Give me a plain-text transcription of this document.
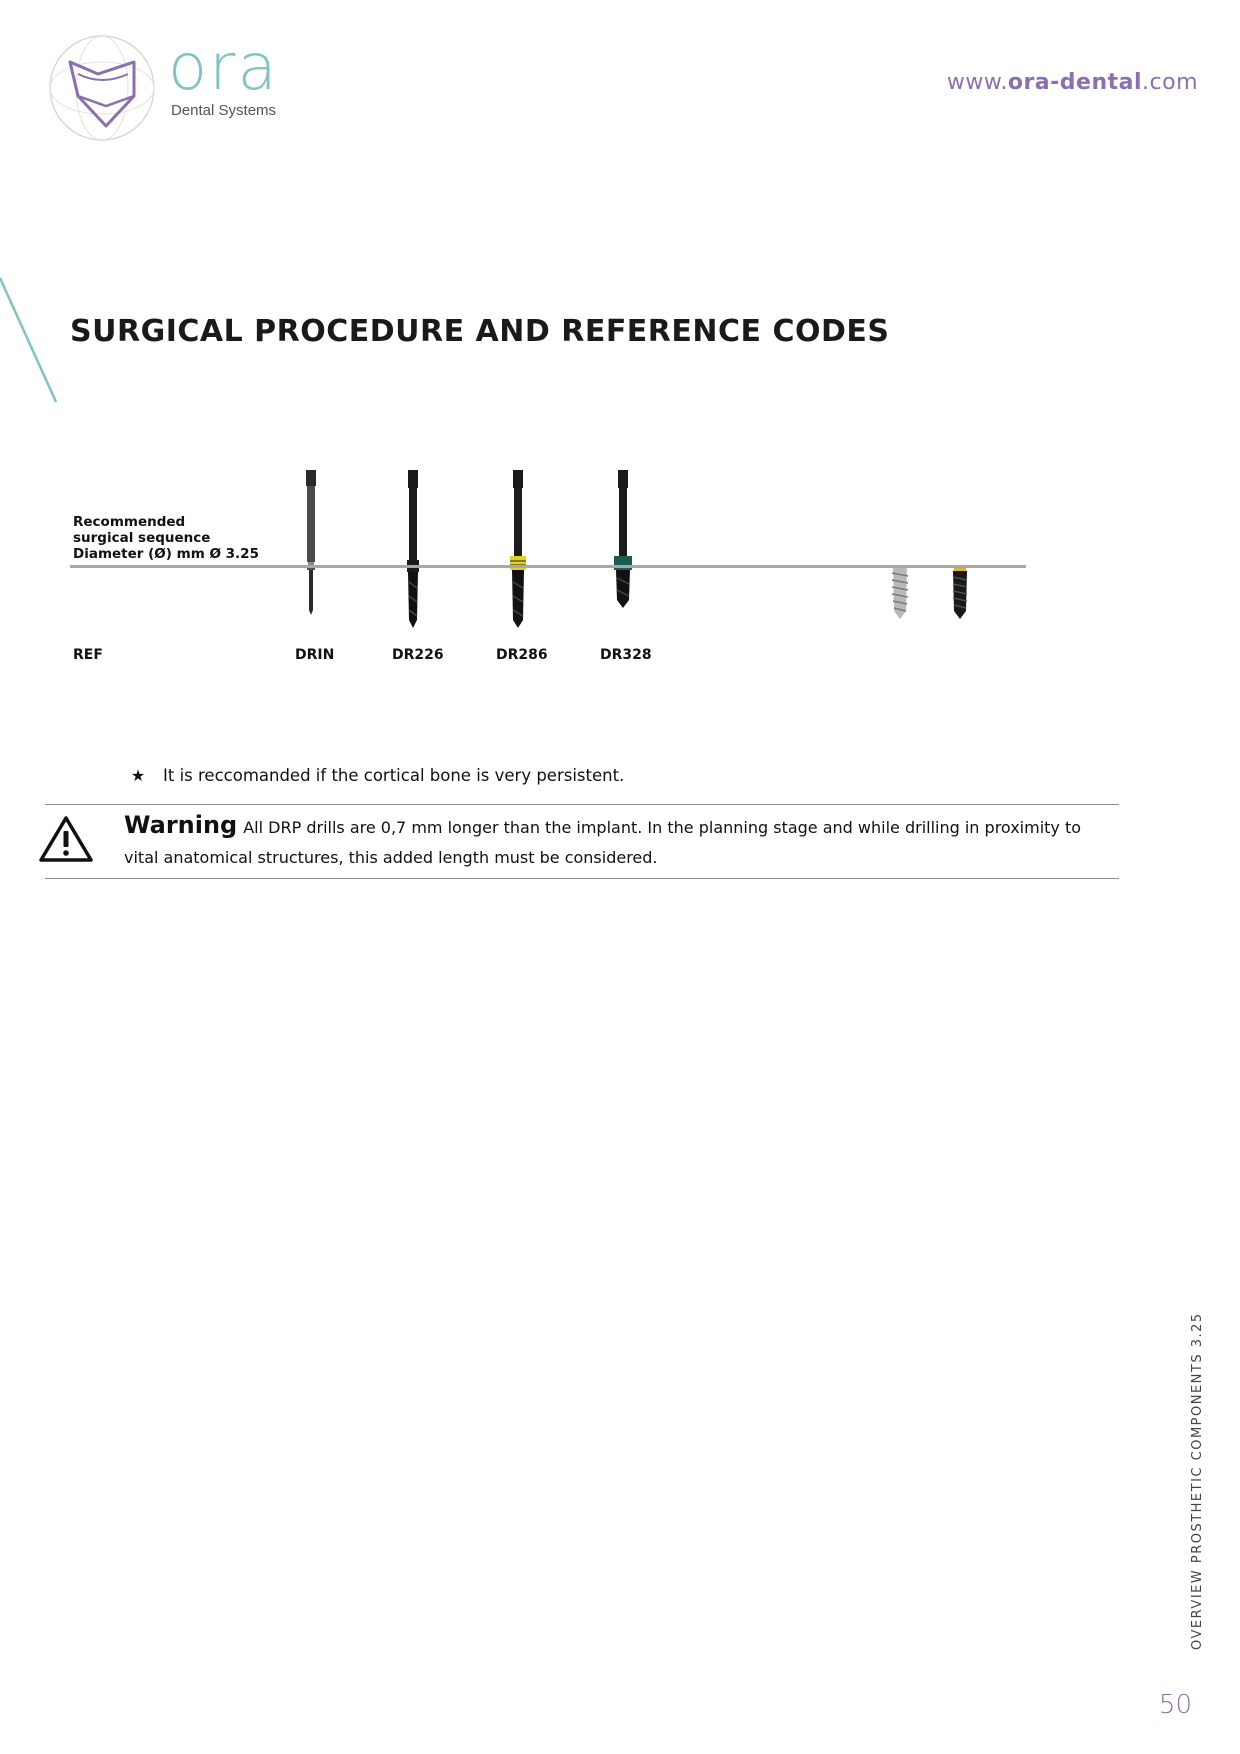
ora
Dental Systems
www.ora-dental.com
SURGICAL PROCEDURE AND REFERENCE CODES
Recommended
surgical sequence
Diameter (Ø) mm Ø 3.25
REF	DRIN	DR226	DR286	DR328
★ It is reccomanded if the cortical bone is very persistent.
Warning All DRP drills are 0,7 mm longer than the implant. In the planning stage and while drilling in proximity to vital anatomical structures, this added length must be considered.
OVERVIEW PROSTHETIC COMPONENTS 3.25
50
